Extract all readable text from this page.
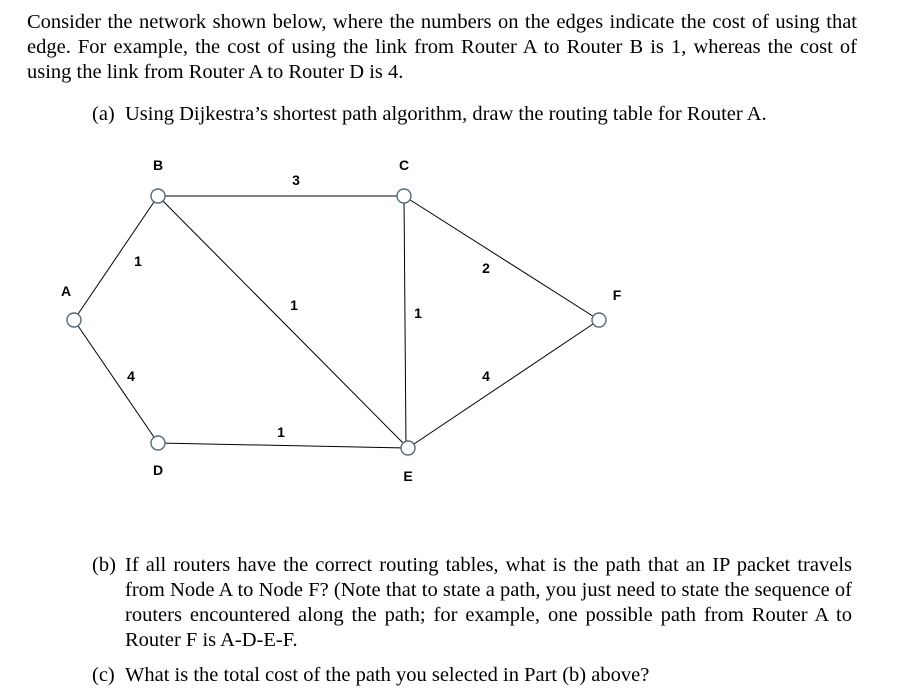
Consider the network shown below, where the numbers on the edges indicate the cost of using that edge. For example, the cost of using the link from Router A to Router B is 1, whereas the cost of using the link from Router A to Router D is 4.

(a) Using Dijkestra’s shortest path algorithm, draw the routing table for Router A.
1
4
3
1	1
2
1
4
A
B	C
D	E
F
(b) If all routers have the correct routing tables, what is the path that an IP packet travels from Node A to Node F? (Note that to state a path, you just need to state the sequence of routers encountered along the path; for example, one possible path from Router A to Router F is A-D-E-F.
(c) What is the total cost of the path you selected in Part (b) above?
